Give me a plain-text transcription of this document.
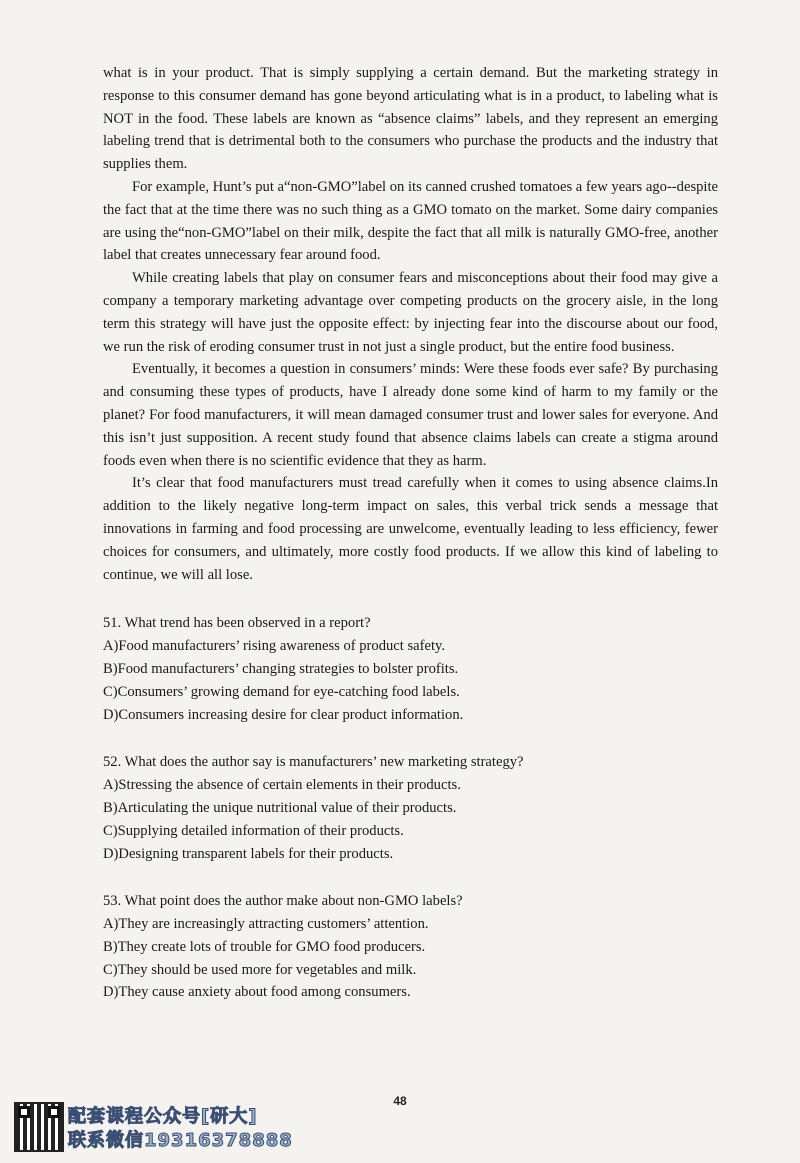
what is in your product. That is simply supplying a certain demand. But the marketing strategy in response to this consumer demand has gone beyond articulating what is in a product, to labeling what is NOT in the food. These labels are known as “absence claims” labels, and they represent an emerging labeling trend that is detrimental both to the consumers who purchase the products and the industry that supplies them.

For example, Hunt’s put a“non-GMO”label on its canned crushed tomatoes a few years ago--despite the fact that at the time there was no such thing as a GMO tomato on the market. Some dairy companies are using the“non-GMO”label on their milk, despite the fact that all milk is naturally GMO-free, another label that creates unnecessary fear around food.

While creating labels that play on consumer fears and misconceptions about their food may give a company a temporary marketing advantage over competing products on the grocery aisle, in the long term this strategy will have just the opposite effect: by injecting fear into the discourse about our food, we run the risk of eroding consumer trust in not just a single product, but the entire food business.

Eventually, it becomes a question in consumers’ minds: Were these foods ever safe? By purchasing and consuming these types of products, have I already done some kind of harm to my family or the planet? For food manufacturers, it will mean damaged consumer trust and lower sales for everyone. And this isn’t just supposition. A recent study found that absence claims labels can create a stigma around foods even when there is no scientific evidence that they as harm.

It’s clear that food manufacturers must tread carefully when it comes to using absence claims.In addition to the likely negative long-term impact on sales, this verbal trick sends a message that innovations in farming and food processing are unwelcome, eventually leading to less efficiency, fewer choices for consumers, and ultimately, more costly food products. If we allow this kind of labeling to continue, we will all lose.

51. What trend has been observed in a report?

A)Food manufacturers’ rising awareness of product safety.

B)Food manufacturers’ changing strategies to bolster profits.

C)Consumers’ growing demand for eye-catching food labels.

D)Consumers increasing desire for clear product information.

52. What does the author say is manufacturers’ new marketing strategy?

A)Stressing the absence of certain elements in their products.

B)Articulating the unique nutritional value of their products.

C)Supplying detailed information of their products.

D)Designing transparent labels for their products.

53. What point does the author make about non-GMO labels?

A)They are increasingly attracting customers’ attention.

B)They create lots of trouble for GMO food producers.

C)They should be used more for vegetables and milk.

D)They cause anxiety about food among consumers.

48
配套课程公众号[研大]
联系微信19316378888
